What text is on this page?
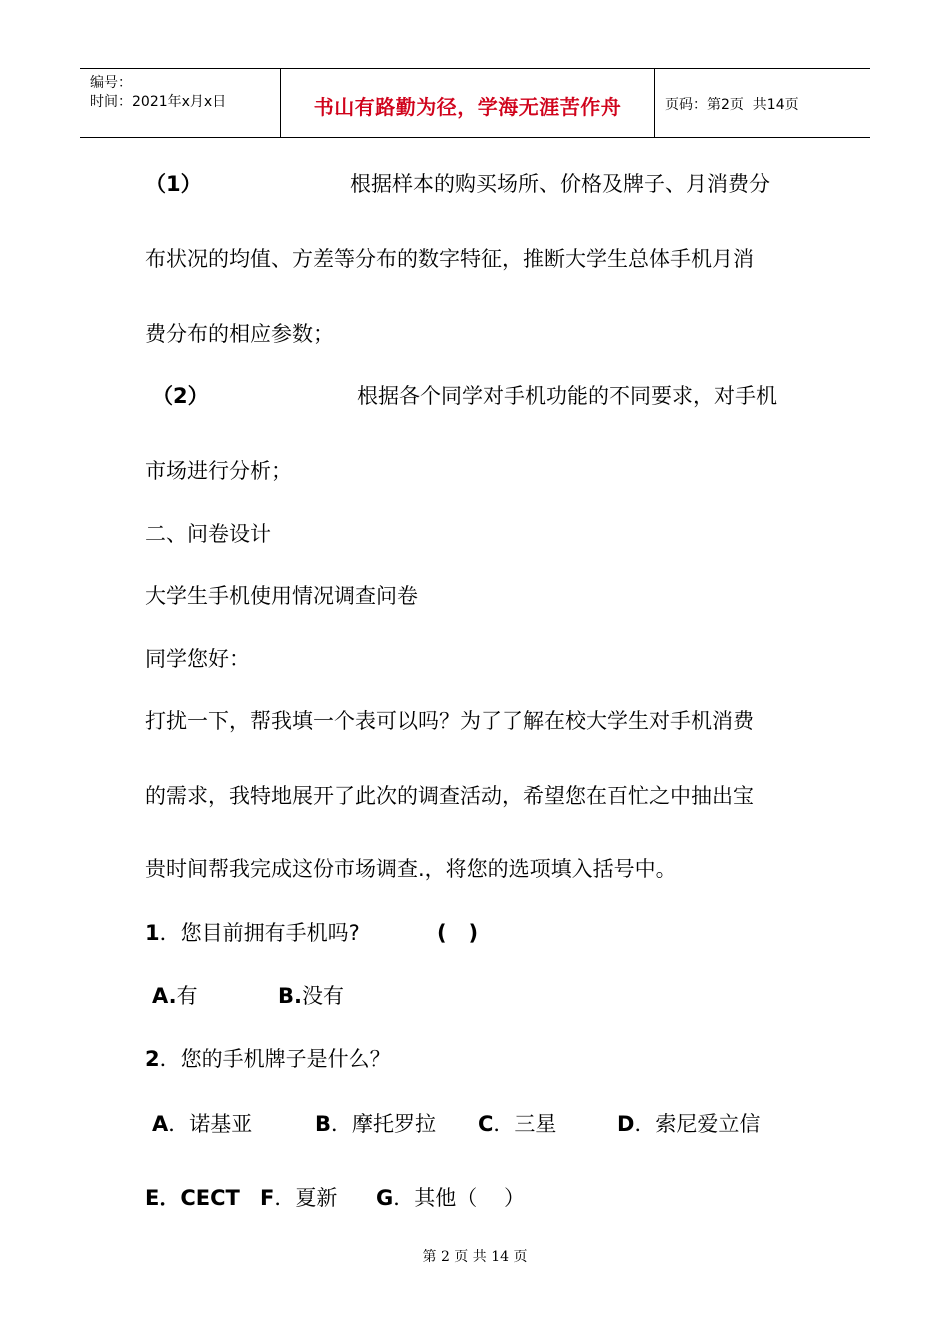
编号：
时间：2021年x月x日	书山有路勤为径，学海无涯苦作舟	页码：第2页  共14页
（1）	根据样本的购买场所、价格及牌子、月消费分
布状况的均值、方差等分布的数字特征，推断大学生总体手机月消
费分布的相应参数；
（2）	根据各个同学对手机功能的不同要求，对手机
市场进行分析；
二、问卷设计
大学生手机使用情况调查问卷
同学您好：
打扰一下，帮我填一个表可以吗？为了了解在校大学生对手机消费
的需求，我特地展开了此次的调查活动，希望您在百忙之中抽出宝
贵时间帮我完成这份市场调查.，将您的选项填入括号中。
1．您目前拥有手机吗?	(   )
A.有	B.没有
2．您的手机牌子是什么？
A．诺基亚	B．摩托罗拉 C．三星	D．索尼爱立信
E．CECT F．夏新 G．其他（    ）
第 2 页 共 14 页
